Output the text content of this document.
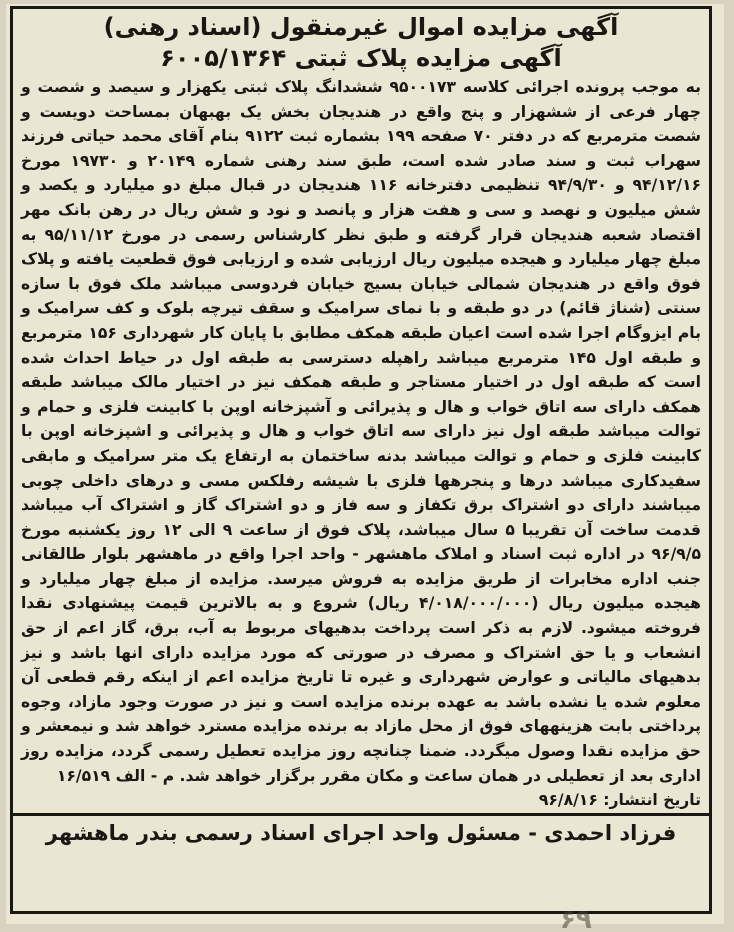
آگهی مزایده اموال غیرمنقول (اسناد رهنی)
آگهی مزایده پلاک ثبتی ۶۰۰۵/۱۳۶۴
به موجب پرونده اجرائی کلاسه ۹۵۰۰۱۷۳ ششدانگ پلاک ثبتی یکهزار و سیصد و شصت و چهار فرعی از ششهزار و پنج واقع در هندیجان بخش یک بهبهان بمساحت دویست و شصت مترمربع که در دفتر ۷۰ صفحه ۱۹۹ بشماره ثبت ۹۱۲۲ بنام آقای محمد حیاتی فرزند سهراب ثبت و سند صادر شده است، طبق سند رهنی شماره ۲۰۱۴۹ و ۱۹۷۳۰ مورخ ۹۴/۱۲/۱۶ و ۹۴/۹/۳۰ تنظیمی دفترخانه ۱۱۶ هندیجان در قبال مبلغ دو میلیارد و یکصد و شش میلیون و نهصد و سی و هفت هزار و پانصد و نود و شش ریال در رهن بانک مهر اقتصاد شعبه هندیجان قرار گرفته و طبق نظر کارشناس رسمی در مورخ ۹۵/۱۱/۱۲ به مبلغ چهار میلیارد و هیجده میلیون ریال ارزیابی شده و ارزیابی فوق قطعیت یافته و پلاک فوق واقع در هندیجان شمالی خیابان بسیج خیابان فردوسی میباشد ملک فوق با سازه سنتی (شناژ قائم) در دو طبقه و با نمای سرامیک و سقف تیرچه بلوک و کف سرامیک و بام ایزوگام اجرا شده است اعیان طبقه همکف مطابق با پایان کار شهرداری ۱۵۶ مترمربع و طبقه اول ۱۴۵ مترمربع میباشد راهپله دسترسی به طبقه اول در حیاط احداث شده است که طبقه اول در اختیار مستاجر و طبقه همکف نیز در اختیار مالک میباشد طبقه همکف دارای سه اتاق خواب و هال و پذیرائی و آشپزخانه اوپن با کابینت فلزی و حمام و توالت میباشد طبقه اول نیز دارای سه اتاق خواب و هال و پذیرائی و اشپزخانه اوپن با کابینت فلزی و حمام و توالت میباشد بدنه ساختمان به ارتفاع یک متر سرامیک و مابقی سفیدکاری میباشد درها و پنجرهها فلزی با شیشه رفلکس مسی و درهای داخلی چوبی میباشند دارای دو اشتراک برق تکفاز و سه فاز و دو اشتراک گاز و اشتراک آب میباشد قدمت ساخت آن تقریبا ۵ سال میباشد، پلاک فوق از ساعت ۹ الی ۱۲ روز یکشنبه مورخ ۹۶/۹/۵ در اداره ثبت اسناد و املاک ماهشهر - واحد اجرا واقع در ماهشهر بلوار طالقانی جنب اداره مخابرات از طریق مزایده به فروش میرسد. مزایده از مبلغ چهار میلیارد و هیجده میلیون ریال (۴/۰۱۸/۰۰۰/۰۰۰ ریال) شروع و به بالاترین قیمت پیشنهادی نقدا فروخته میشود. لازم به ذکر است پرداخت بدهیهای مربوط به آب، برق، گاز اعم از حق انشعاب و یا حق اشتراک و مصرف در صورتی که مورد مزایده دارای انها باشد و نیز بدهیهای مالیاتی و عوارض شهرداری و غیره تا تاریخ مزایده اعم از اینکه رقم قطعی آن معلوم شده یا نشده باشد به عهده برنده مزایده است و نیز در صورت وجود مازاد، وجوه پرداختی بابت هزینههای فوق از محل مازاد به برنده مزایده مسترد خواهد شد و نیمعشر و حق مزایده نقدا وصول میگردد. ضمنا چنانچه روز مزایده تعطیل رسمی گردد، مزایده روز اداری بعد از تعطیلی در همان ساعت و مکان مقرر برگزار خواهد شد. م - الف ۱۶/۵۱۹
تاریخ انتشار: ۹۶/۸/۱۶
فرزاد احمدی - مسئول واحد اجرای اسناد رسمی بندر ماهشهر
۶۹
